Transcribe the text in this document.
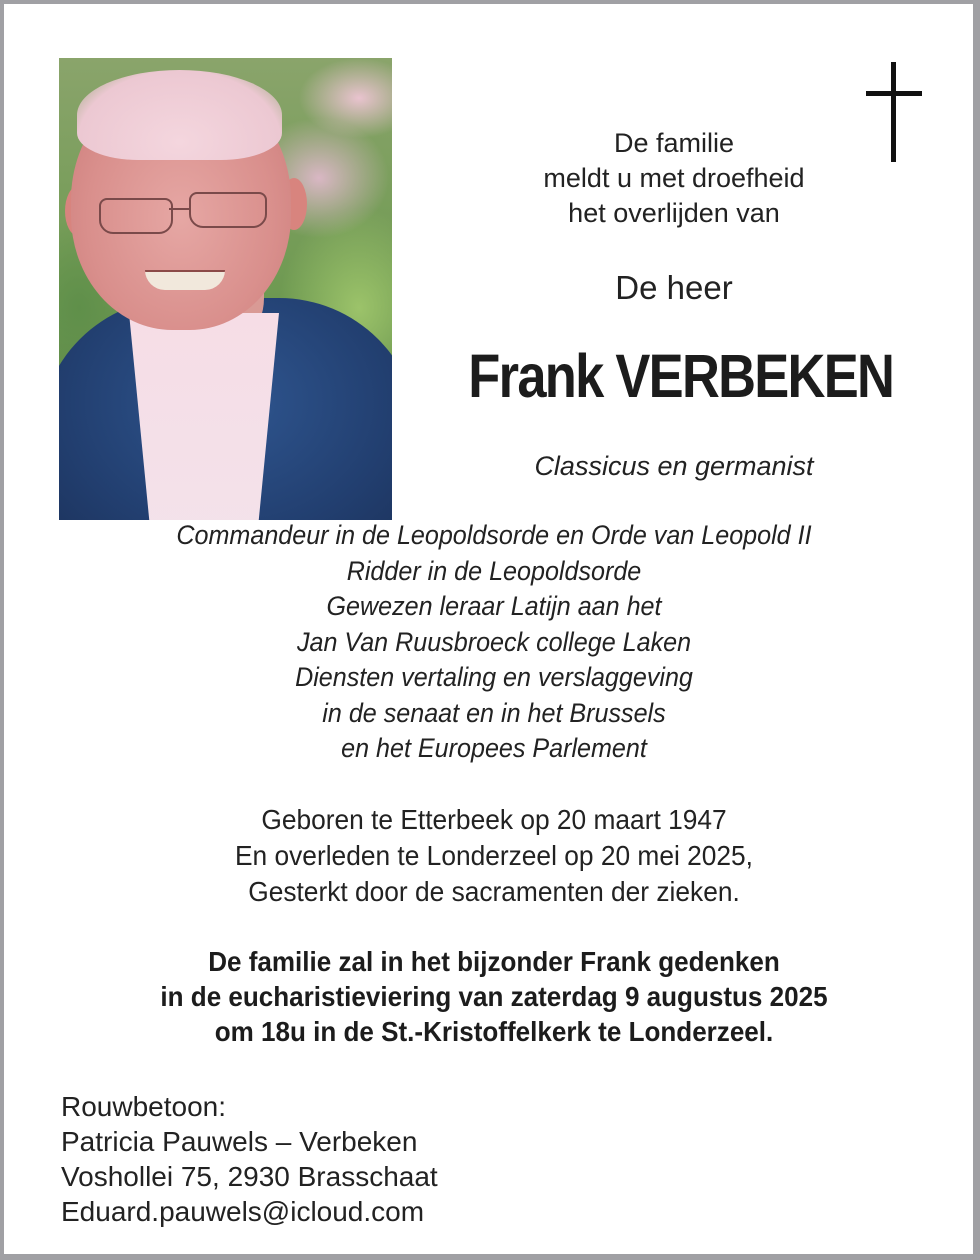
De familie
meldt u met droefheid
het overlijden van
De heer
Frank VERBEKEN
Classicus en germanist
Commandeur in de Leopoldsorde en Orde van Leopold II
Ridder in de Leopoldsorde
Gewezen leraar Latijn aan het
Jan Van Ruusbroeck college Laken
Diensten vertaling en verslaggeving
in de senaat en in het Brussels
en het Europees Parlement
Geboren te Etterbeek op 20 maart 1947
En overleden te Londerzeel op 20 mei 2025,
Gesterkt door de sacramenten der zieken.
De familie zal in het bijzonder Frank gedenken
in de eucharistieviering van zaterdag 9 augustus 2025
om 18u in de St.-Kristoffelkerk te Londerzeel.
Rouwbetoon:
Patricia Pauwels – Verbeken
Voshollei 75, 2930 Brasschaat
Eduard.pauwels@icloud.com
